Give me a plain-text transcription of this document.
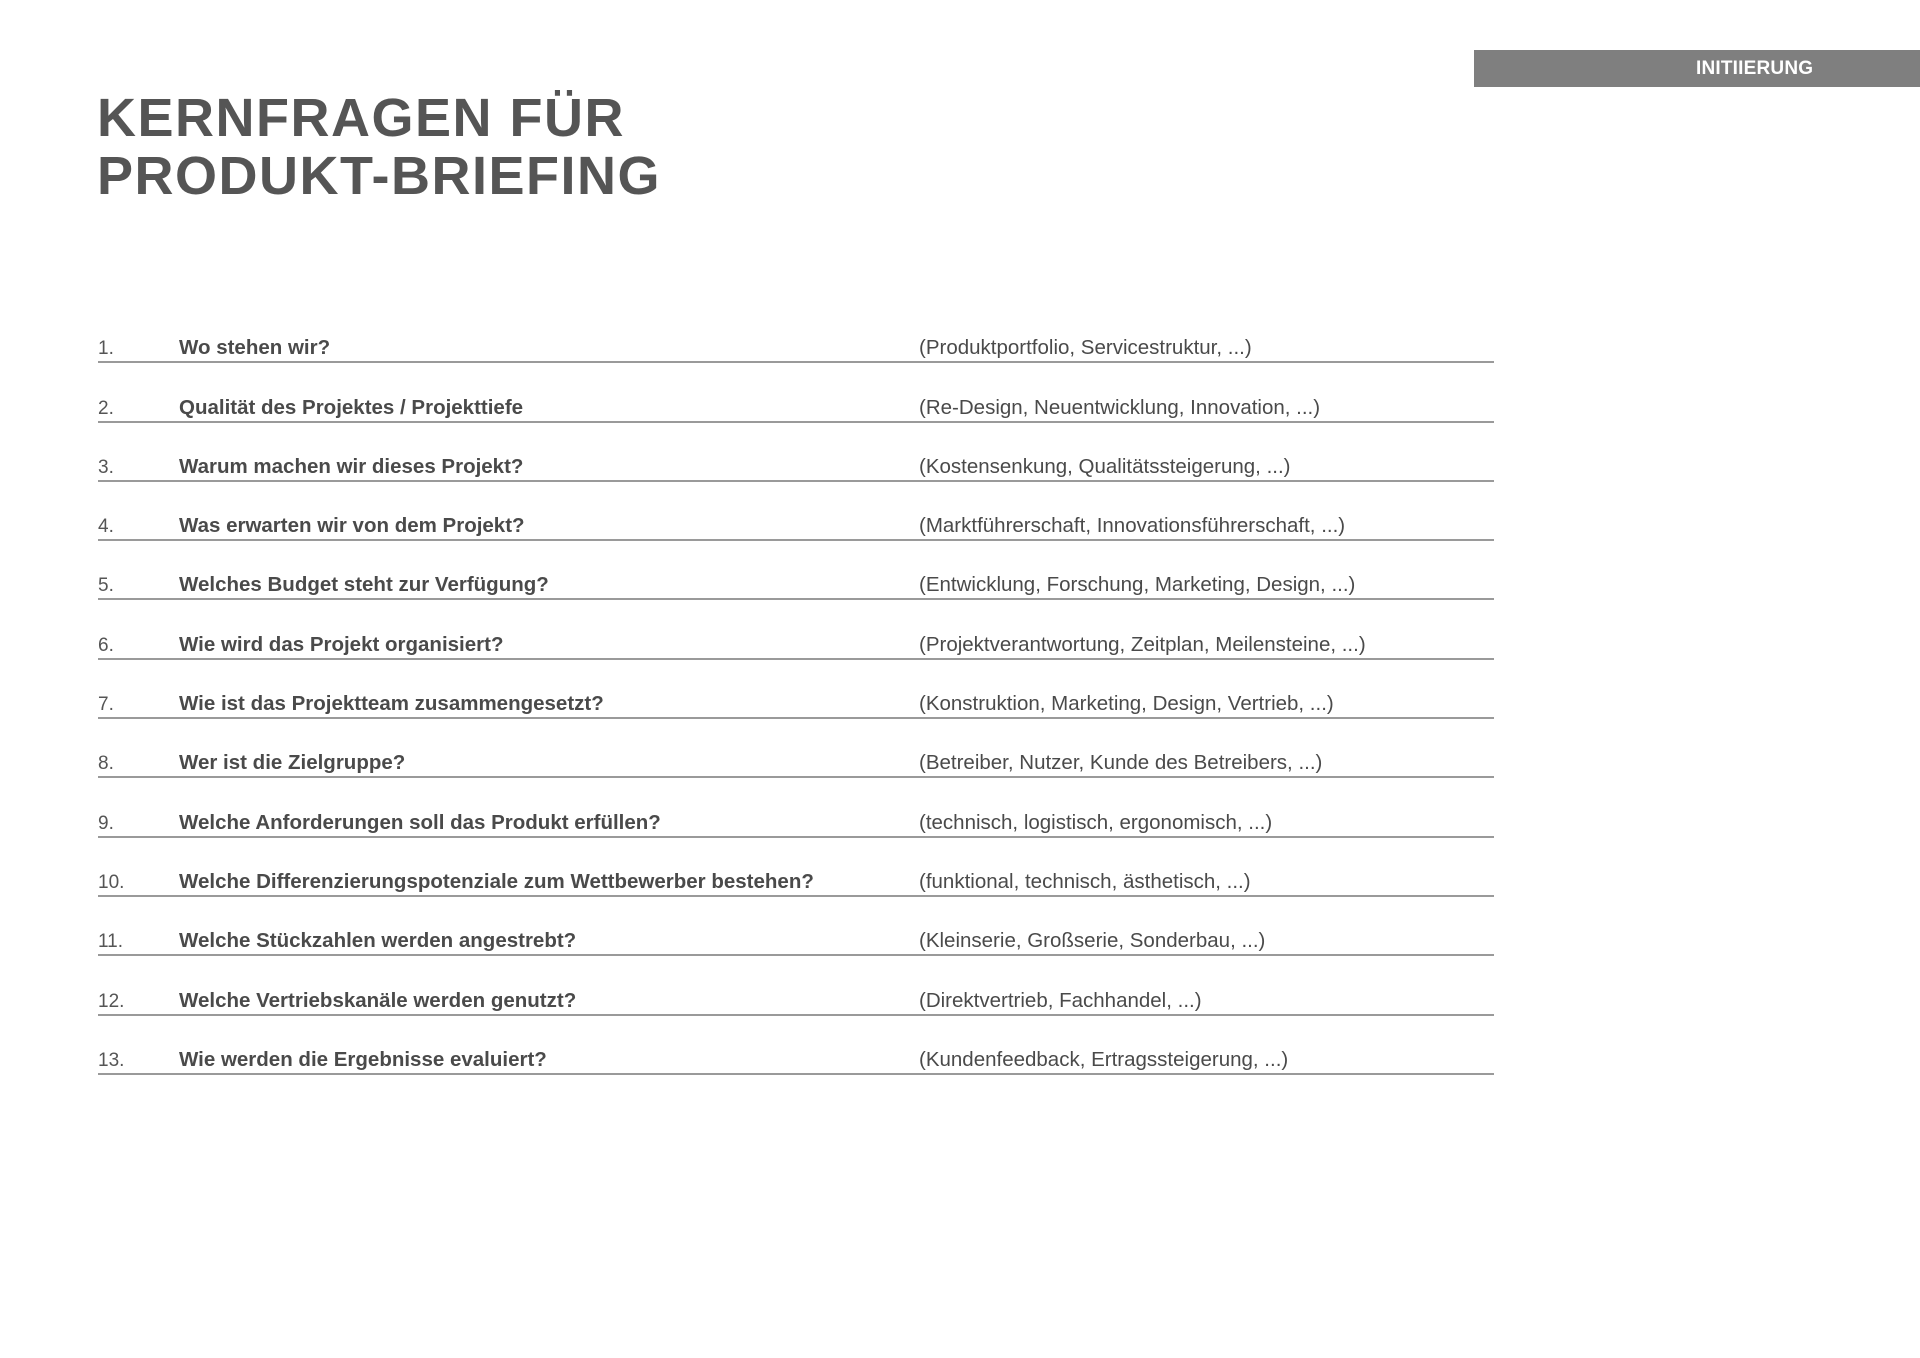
INITIIERUNG
KERNFRAGEN FÜR
PRODUKT-BRIEFING
1.	Wo stehen wir?	(Produktportfolio, Servicestruktur, ...)
2.	Qualität des Projektes / Projekttiefe	(Re-Design, Neuentwicklung, Innovation, ...)
3.	Warum machen wir dieses Projekt?	(Kostensenkung, Qualitätssteigerung, ...)
4.	Was erwarten wir von dem Projekt?	(Marktführerschaft, Innovationsführerschaft, ...)
5.	Welches Budget steht zur Verfügung?	(Entwicklung, Forschung, Marketing, Design, ...)
6.	Wie wird das Projekt organisiert?	(Projektverantwortung, Zeitplan, Meilensteine, ...)
7.	Wie ist das Projektteam zusammengesetzt?	(Konstruktion, Marketing, Design, Vertrieb, ...)
8.	Wer ist die Zielgruppe?	(Betreiber, Nutzer, Kunde des Betreibers, ...)
9.	Welche Anforderungen soll das Produkt erfüllen?	(technisch, logistisch, ergonomisch, ...)
10.	Welche Differenzierungspotenziale zum Wettbewerber bestehen?	(funktional, technisch, ästhetisch, ...)
11.	Welche Stückzahlen werden angestrebt?	(Kleinserie, Großserie, Sonderbau, ...)
12.	Welche Vertriebskanäle werden genutzt?	(Direktvertrieb, Fachhandel, ...)
13.	Wie werden die Ergebnisse evaluiert?	(Kundenfeedback, Ertragssteigerung, ...)
